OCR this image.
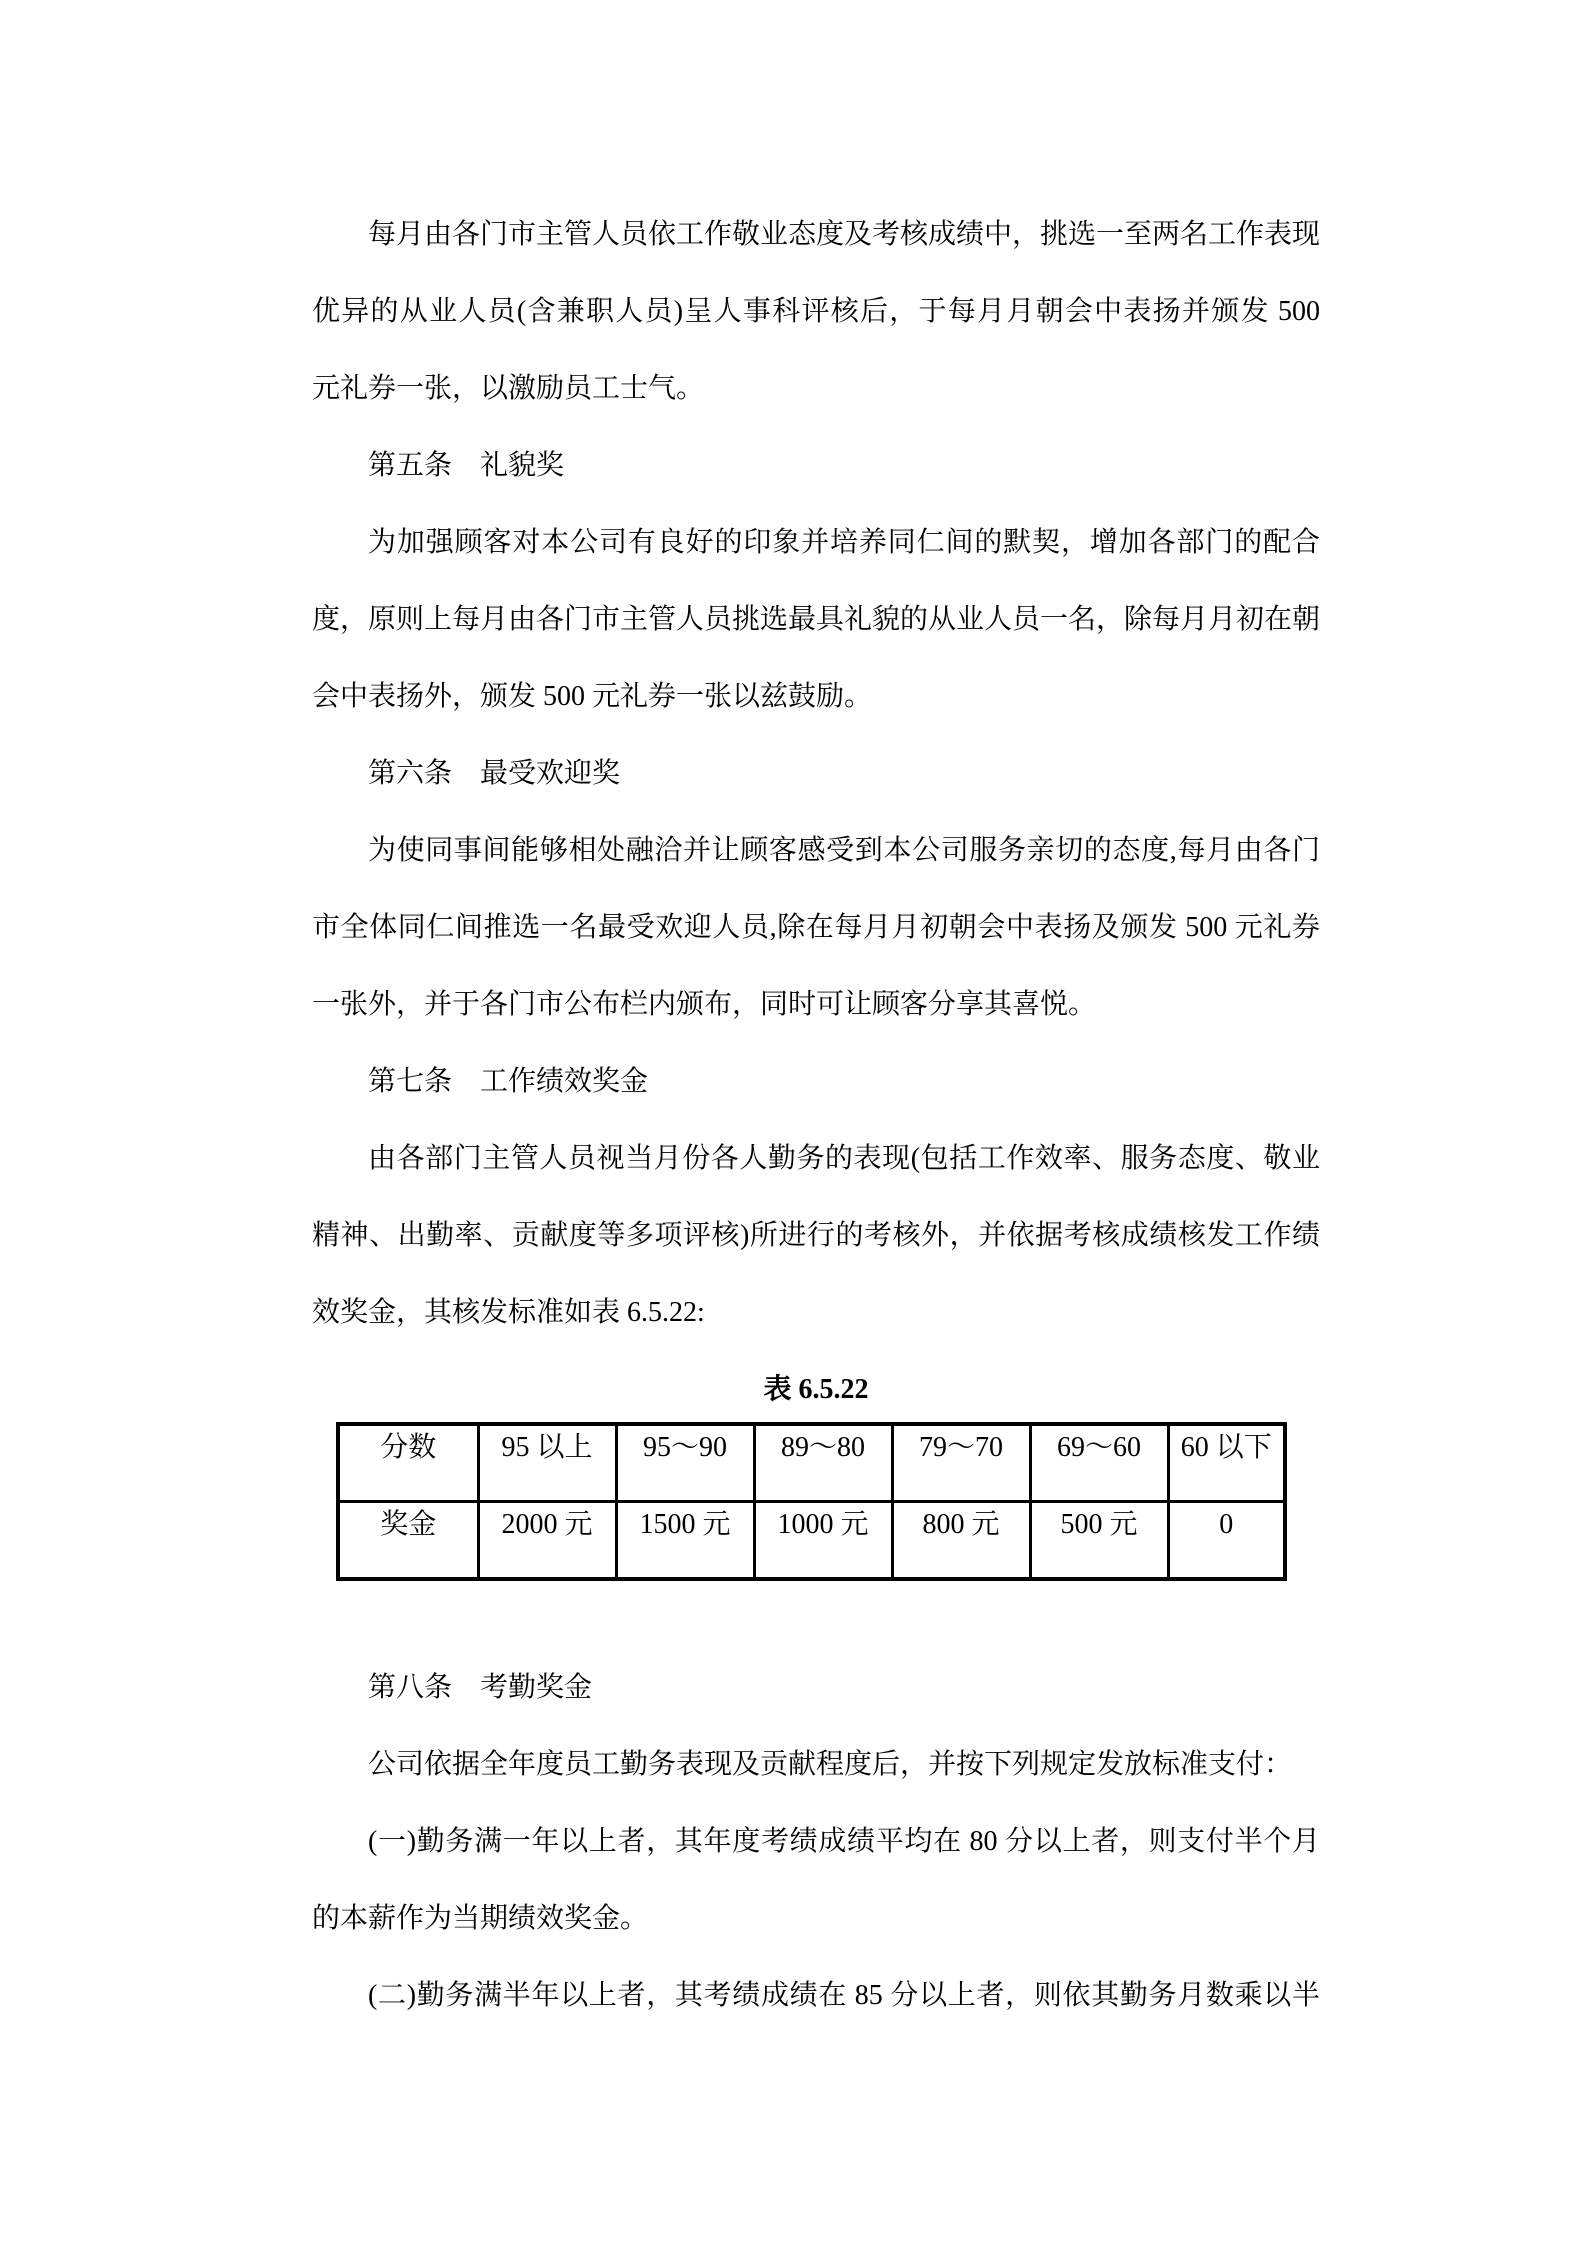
每月由各门市主管人员依工作敬业态度及考核成绩中，挑选一至两名工作表现
优异的从业人员(含兼职人员)呈人事科评核后，于每月月朝会中表扬并颁发 500
元礼券一张，以激励员工士气。
第五条　礼貌奖
为加强顾客对本公司有良好的印象并培养同仁间的默契，增加各部门的配合
度，原则上每月由各门市主管人员挑选最具礼貌的从业人员一名，除每月月初在朝
会中表扬外，颁发 500 元礼券一张以兹鼓励。
第六条　最受欢迎奖
为使同事间能够相处融洽并让顾客感受到本公司服务亲切的态度,每月由各门
市全体同仁间推选一名最受欢迎人员,除在每月月初朝会中表扬及颁发 500 元礼券
一张外，并于各门市公布栏内颁布，同时可让顾客分享其喜悦。
第七条　工作绩效奖金
由各部门主管人员视当月份各人勤务的表现(包括工作效率、服务态度、敬业
精神、出勤率、贡献度等多项评核)所进行的考核外，并依据考核成绩核发工作绩
效奖金，其核发标准如表 6.5.22:
表 6.5.22
分数	95 以上	95～90	89～80	79～70	69～60	60 以下
奖金	2000 元	1500 元	1000 元	800 元	500 元	0
第八条　考勤奖金
公司依据全年度员工勤务表现及贡献程度后，并按下列规定发放标准支付：
(一)勤务满一年以上者，其年度考绩成绩平均在 80 分以上者，则支付半个月
的本薪作为当期绩效奖金。
(二)勤务满半年以上者，其考绩成绩在 85 分以上者，则依其勤务月数乘以半
